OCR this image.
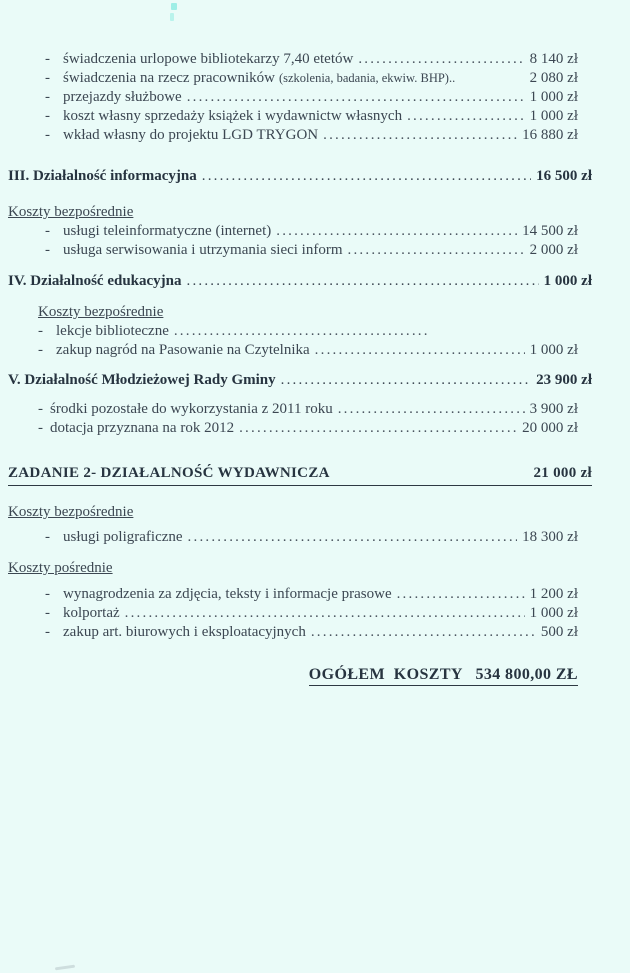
-
świadczenia urlopowe bibliotekarzy 7,40 etetów .....	8 140 zł
-
świadczenia na rzecz pracowników (szkolenia, badania, ekwiw. BHP)..	2 080 zł
-
przejazdy służbowe .....	1 000 zł
-
koszt własny sprzedaży książek i wydawnictw własnych .....	1 000 zł
-
wkład własny do projektu LGD TRYGON .....	16 880 zł
III. Działalność informacyjna .....	16 500 zł
Koszty bezpośrednie
-
usługi teleinformatyczne (internet) .....	14 500 zł
-
usługa serwisowania i utrzymania sieci inform .....	2 000 zł
IV. Działalność edukacyjna .....	1 000 zł
Koszty bezpośrednie
-
lekcje biblioteczne
.....
-
zakup nagród na Pasowanie na Czytelnika .....	1 000 zł
V. Działalność Młodzieżowej Rady Gminy .....	23 900 zł
-
środki pozostałe do wykorzystania z 2011 roku .....	3 900 zł
-
dotacja przyznana na rok 2012 .....	20 000 zł
ZADANIE 2- DZIAŁALNOŚĆ WYDAWNICZA	21 000 zł
Koszty bezpośrednie
-
usługi poligraficzne .....	18 300 zł
Koszty pośrednie
-
wynagrodzenia za zdjęcia, teksty i informacje prasowe .....	1 200 zł
-
kolportaż .....	1 000 zł
-
zakup art. biurowych i eksploatacyjnych .....	500 zł
OGÓŁEM  KOSZTY   534 800,00 ZŁ
